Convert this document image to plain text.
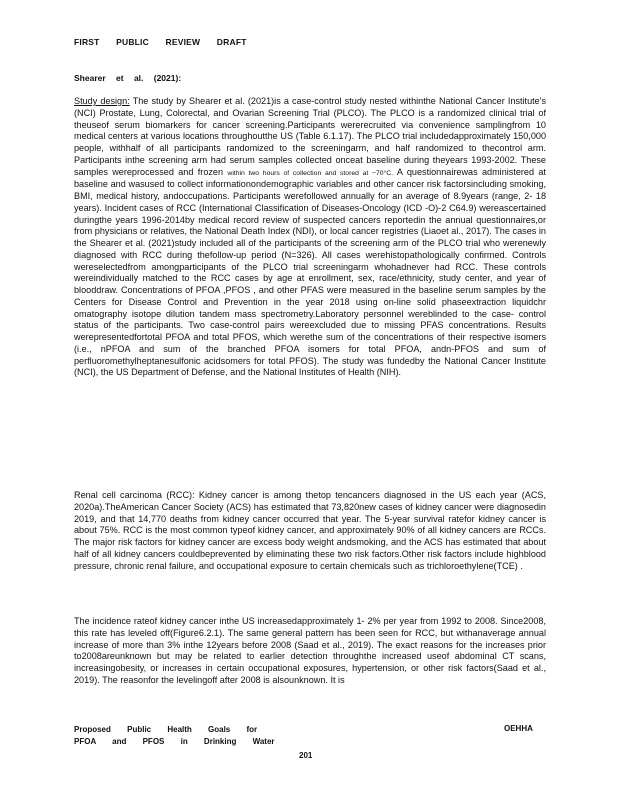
FIRST PUBLIC REVIEW DRAFT
Shearer et al. (2021):
Study design: The study by Shearer et al. (2021)is a case-control study nested withinthe National Cancer Institute's (NCI) Prostate, Lung, Colorectal, and Ovarian Screening Trial (PLCO). The PLCO is a randomized clinical trial of theuseof serum biomarkers for cancer screening.Participants wererecruited via convenience samplingfrom 10 medical centers at various locations throughoutthe US (Table 6.1.17). The PLCO trial includedapproximately 150,000 people, withhalf of all participants randomized to the screeningarm, and half randomized to thecontrol arm. Participants inthe screening arm had serum samples collected onceat baseline during theyears 1993-2002. These samples wereprocessed and frozen within two hours of collection and stored at −70°C. A questionnairewas administered at baseline and wasused to collect informationondemographic variables and other cancer risk factorsincluding smoking, BMI, medical history, andoccupations. Participants werefollowed annually for an average of 8.9years (range, 2- 18 years). Incident cases of RCC (International Classification of Diseases-Oncology (ICD -O)-2 C64.9) wereascertained duringthe years 1996-2014by medical record review of suspected cancers reportedin the annual questionnaires,or from physicians or relatives, the National Death Index (NDI), or local cancer registries (Liaoet al., 2017). The cases in the Shearer et al. (2021)study included all of the participants of the screening arm of the PLCO trial who werenewly diagnosed with RCC during thefollow-up period (N=326). All cases werehistopathologically confirmed. Controls wereselectedfrom amongparticipants of the PLCO trial screeningarm whohadnever had RCC. These controls wereindividually matched to the RCC cases by age at enrollment, sex, race/ethnicity, study center, and year of blooddraw. Concentrations of PFOA ,PFOS , and other PFAS were measured in the baseline serum samples by the Centers for Disease Control and Prevention in the year 2018 using on-line solid phaseextraction liquidchr omatography isotope dilution tandem mass spectrometry.Laboratory personnel wereblinded to the case- control status of the participants. Two case-control pairs wereexcluded due to missing PFAS concentrations. Results werepresentedfortotal PFOA and total PFOS, which werethe sum of the concentrations of their respective isomers (i.e., nPFOA and sum of the branched PFOA isomers for total PFOA, andn-PFOS and sum of perfluoromethylheptanesulfonic acidsomers for total PFOS). The study was fundedby the National Cancer Institute (NCI), the US Department of Defense, and the National Institutes of Health (NIH).
Renal cell carcinoma (RCC): Kidney cancer is among thetop tencancers diagnosed in the US each year (ACS, 2020a).TheAmerican Cancer Society (ACS) has estimated that 73,820new cases of kidney cancer were diagnosedin 2019, and that 14,770 deaths from kidney cancer occurred that year. The 5-year survival ratefor kidney cancer is about 75%. RCC is the most common typeof kidney cancer, and approximately 90% of all kidney cancers are RCCs. The major risk factors for kidney cancer are excess body weight andsmoking, and the ACS has estimated that about half of all kidney cancers couldbeprevented by eliminating these two risk factors.Other risk factors include highblood pressure, chronic renal failure, and occupational exposure to certain chemicals such as trichloroethylene(TCE) .
The incidence rateof kidney cancer inthe US increasedapproximately 1- 2% per year from 1992 to 2008. Since2008, this rate has leveled off(Figure6.2.1). The same general pattern has been seen for RCC, but withanaverage annual increase of more than 3% inthe 12years before 2008 (Saad et al., 2019). The exact reasons for the increases prior to2008areunknown but may be related to earlier detection throughthe increased useof abdominal CT scans, increasingobesity, or increases in certain occupational exposures, hypertension, or other risk factors(Saad et al., 2019). The reasonfor the levelingoff after 2008 is alsounknown. It is
Proposed Public Health Goals for
PFOA and PFOS in Drinking Water
OEHHA
201
